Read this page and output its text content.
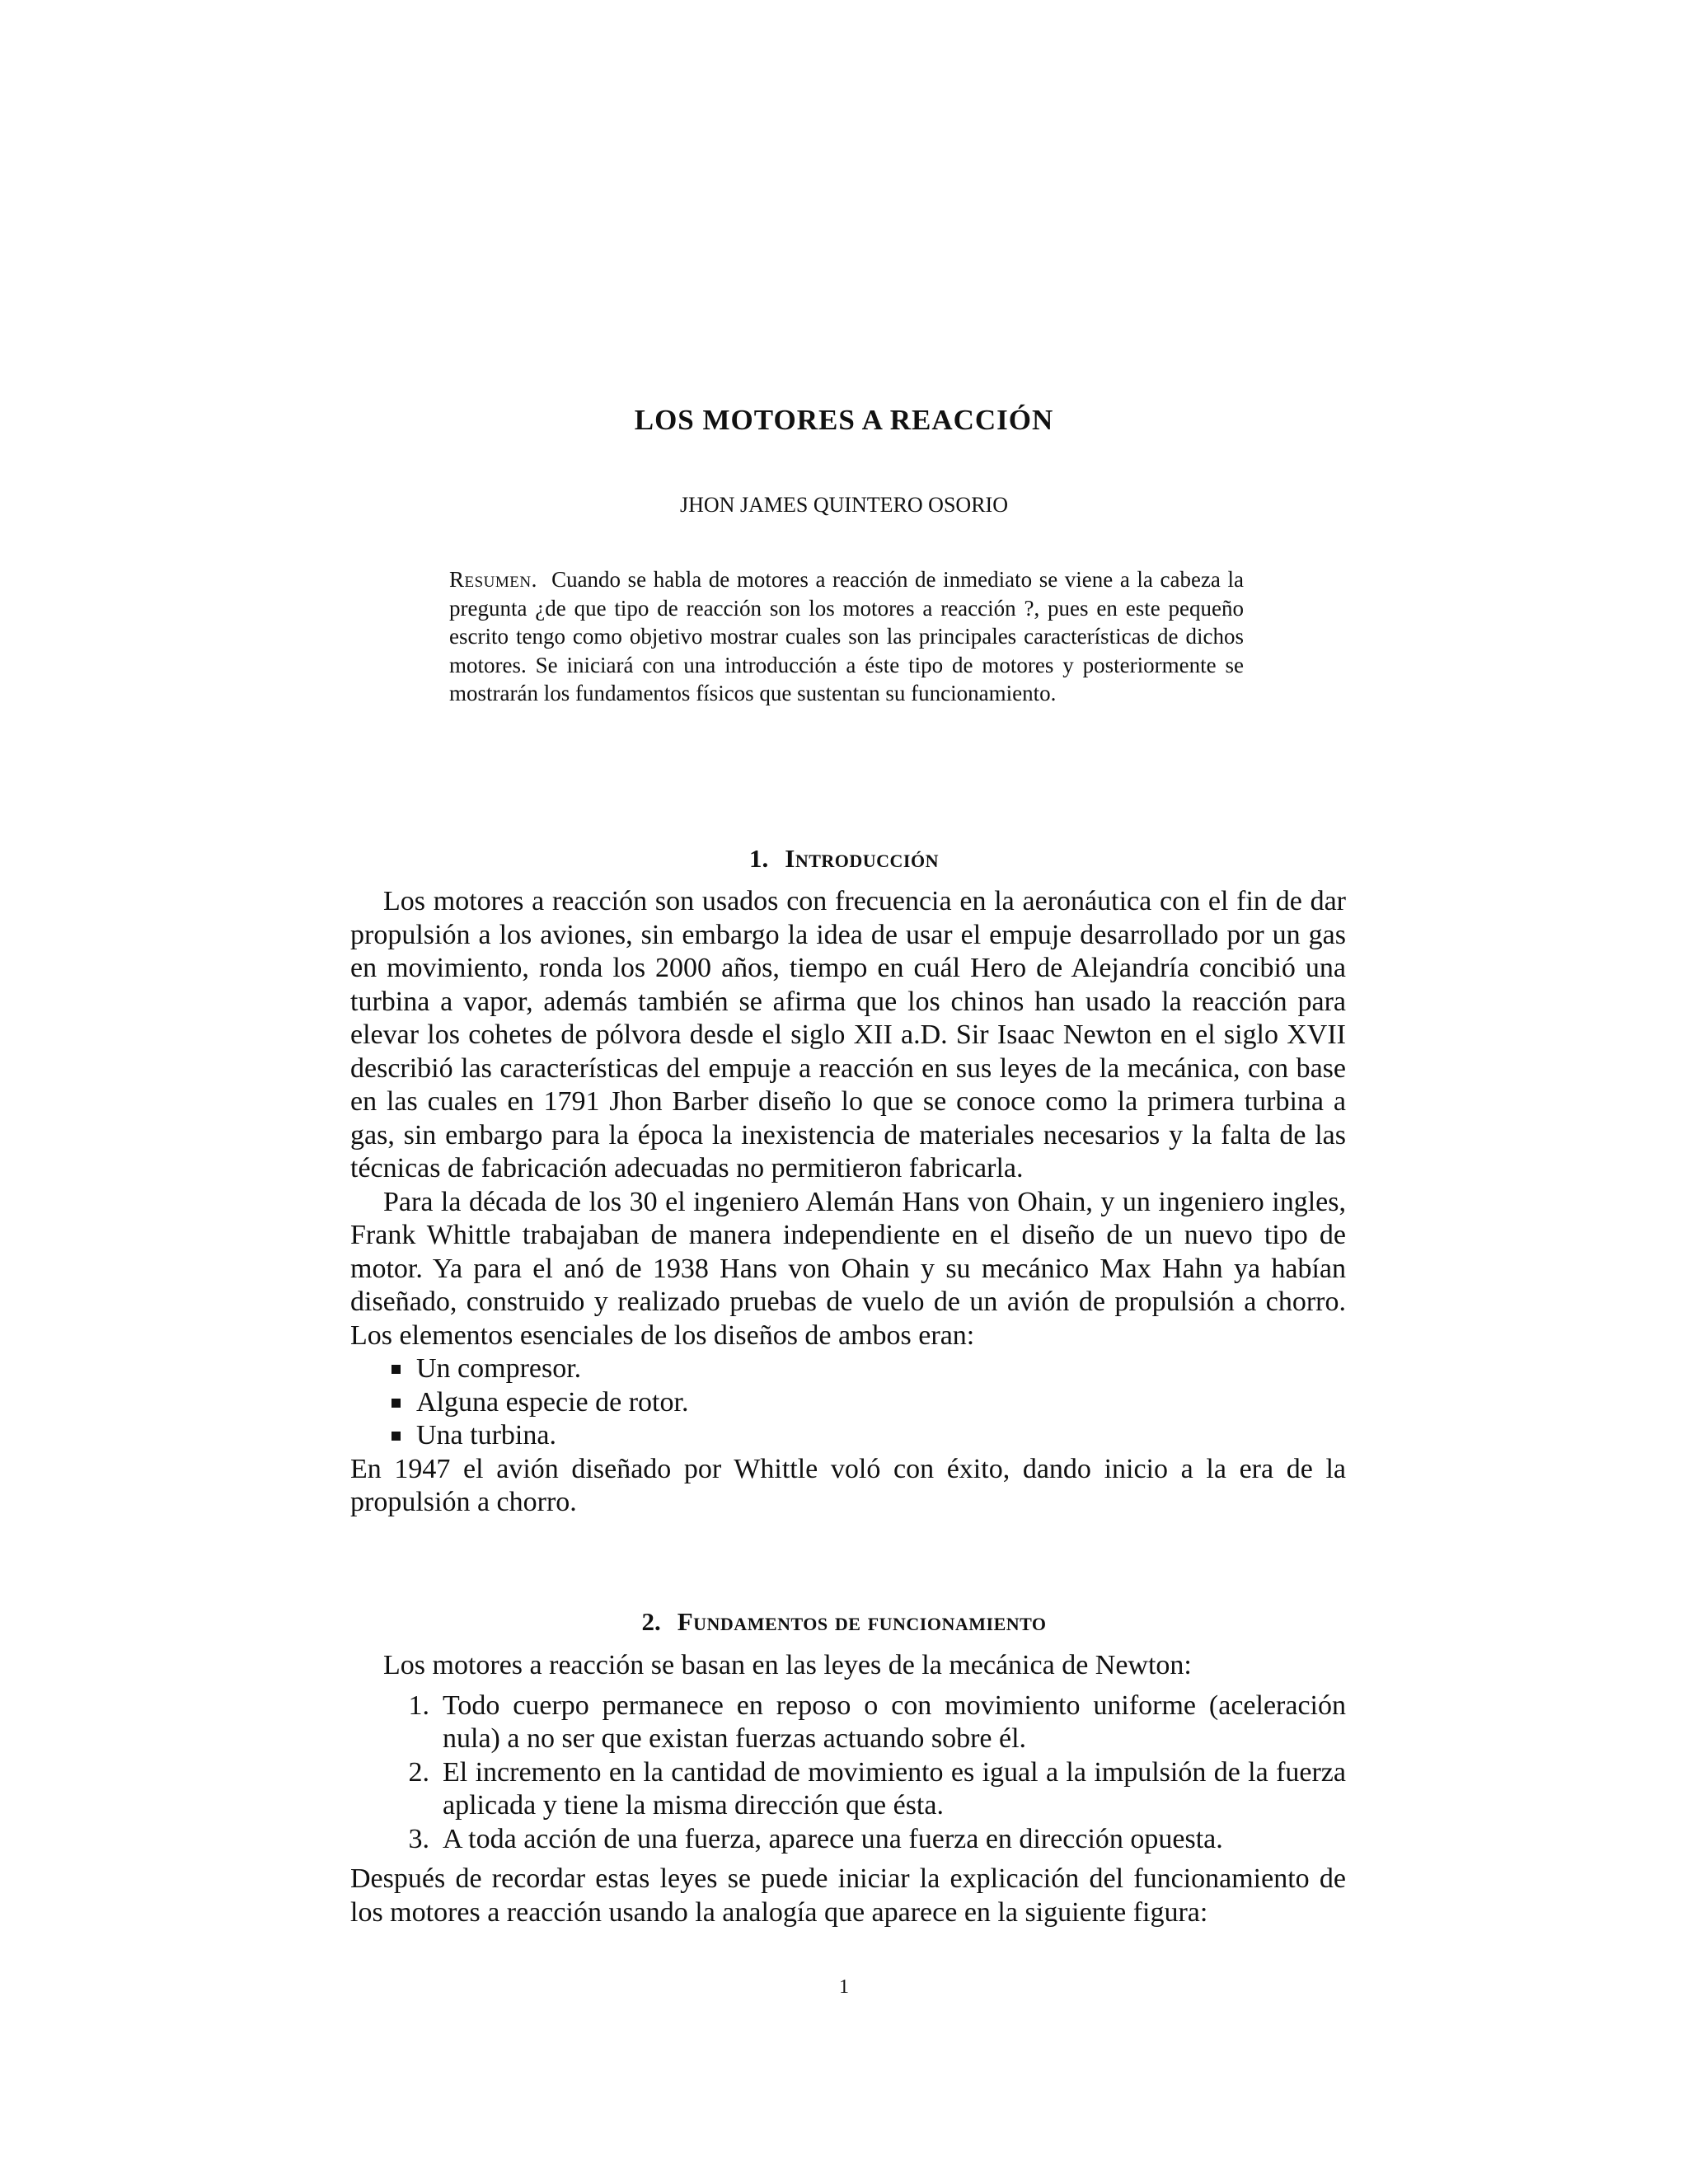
LOS MOTORES A REACCIÓN

JHON JAMES QUINTERO OSORIO

Resumen. Cuando se habla de motores a reacción de inmediato se viene a la cabeza la pregunta ¿de que tipo de reacción son los motores a reacción ?, pues en este pequeño escrito tengo como objetivo mostrar cuales son las principales características de dichos motores. Se iniciará con una introducción a éste tipo de motores y posteriormente se mostrarán los fundamentos físicos que sustentan su funcionamiento.

1. Introducción

Los motores a reacción son usados con frecuencia en la aeronáutica con el fin de dar propulsión a los aviones, sin embargo la idea de usar el empuje desarrollado por un gas en movimiento, ronda los 2000 años, tiempo en cuál Hero de Alejandría concibió una turbina a vapor, además también se afirma que los chinos han usado la reacción para elevar los cohetes de pólvora desde el siglo XII a.D. Sir Isaac Newton en el siglo XVII describió las características del empuje a reacción en sus leyes de la mecánica, con base en las cuales en 1791 Jhon Barber diseño lo que se conoce como la primera turbina a gas, sin embargo para la época la inexistencia de materiales necesarios y la falta de las técnicas de fabricación adecuadas no permitieron fabricarla.

Para la década de los 30 el ingeniero Alemán Hans von Ohain, y un ingeniero ingles, Frank Whittle trabajaban de manera independiente en el diseño de un nuevo tipo de motor. Ya para el anó de 1938 Hans von Ohain y su mecánico Max Hahn ya habían diseñado, construido y realizado pruebas de vuelo de un avión de propulsión a chorro. Los elementos esenciales de los diseños de ambos eran:

Un compresor.
Alguna especie de rotor.
Una turbina.

En 1947 el avión diseñado por Whittle voló con éxito, dando inicio a la era de la propulsión a chorro.

2. Fundamentos de funcionamiento

Los motores a reacción se basan en las leyes de la mecánica de Newton:

1. Todo cuerpo permanece en reposo o con movimiento uniforme (aceleración nula) a no ser que existan fuerzas actuando sobre él.
2. El incremento en la cantidad de movimiento es igual a la impulsión de la fuerza aplicada y tiene la misma dirección que ésta.
3. A toda acción de una fuerza, aparece una fuerza en dirección opuesta.

Después de recordar estas leyes se puede iniciar la explicación del funcionamiento de los motores a reacción usando la analogía que aparece en la siguiente figura:

1
